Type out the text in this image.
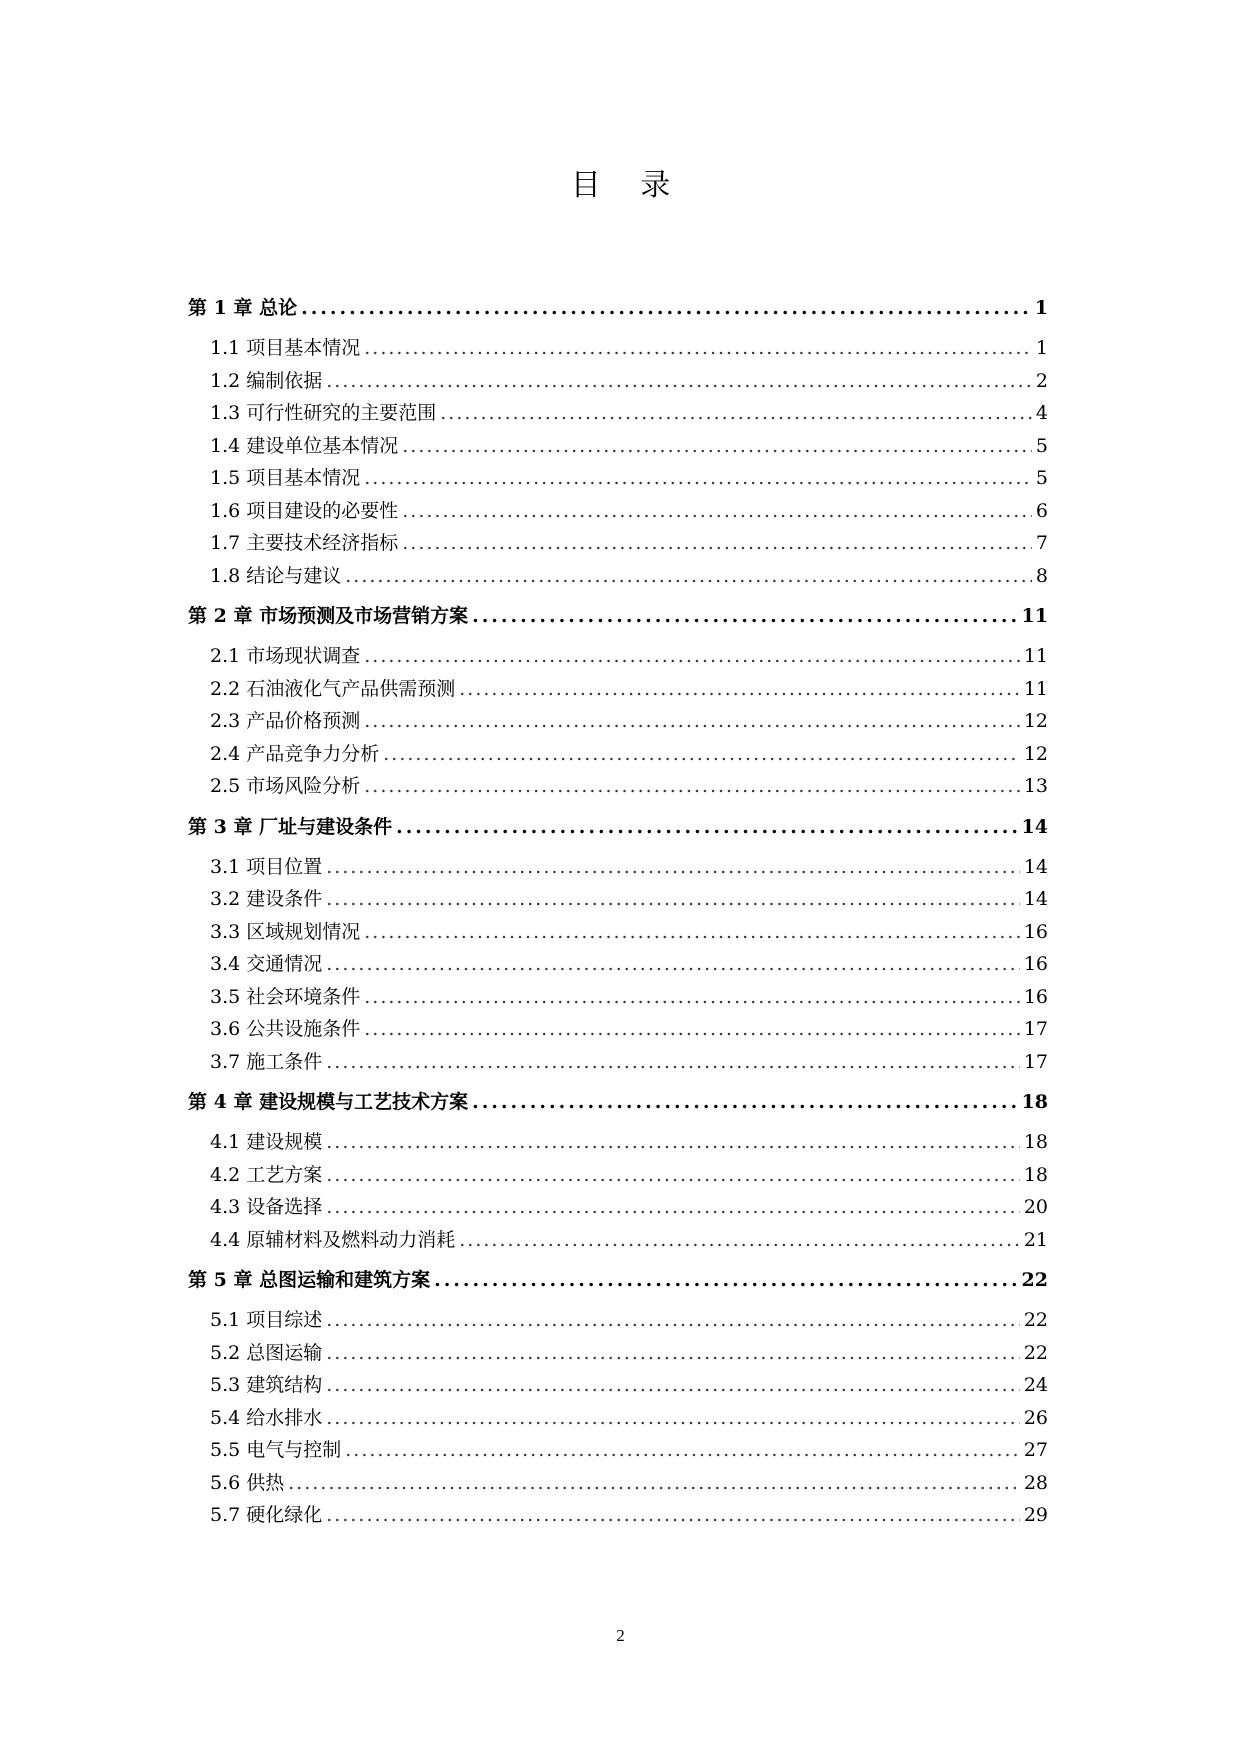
目 录
第 1 章 总论 .....	1
1.1 项目基本情况 .....	1
1.2 编制依据 .....	2
1.3 可行性研究的主要范围 .....	4
1.4 建设单位基本情况 .....	5
1.5 项目基本情况 .....	5
1.6 项目建设的必要性 .....	6
1.7 主要技术经济指标 .....	7
1.8 结论与建议 .....	8
第 2 章 市场预测及市场营销方案 .....	11
2.1 市场现状调查 .....	11
2.2 石油液化气产品供需预测 .....	11
2.3 产品价格预测 .....	12
2.4 产品竞争力分析 .....	12
2.5 市场风险分析 .....	13
第 3 章 厂址与建设条件 .....	14
3.1 项目位置 .....	14
3.2 建设条件 .....	14
3.3 区域规划情况 .....	16
3.4 交通情况 .....	16
3.5 社会环境条件 .....	16
3.6 公共设施条件 .....	17
3.7 施工条件 .....	17
第 4 章 建设规模与工艺技术方案 .....	18
4.1 建设规模 .....	18
4.2 工艺方案 .....	18
4.3 设备选择 .....	20
4.4 原辅材料及燃料动力消耗 .....	21
第 5 章 总图运输和建筑方案 .....	22
5.1 项目综述 .....	22
5.2 总图运输 .....	22
5.3 建筑结构 .....	24
5.4 给水排水 .....	26
5.5 电气与控制 .....	27
5.6 供热 .....	28
5.7 硬化绿化 .....	29
2
